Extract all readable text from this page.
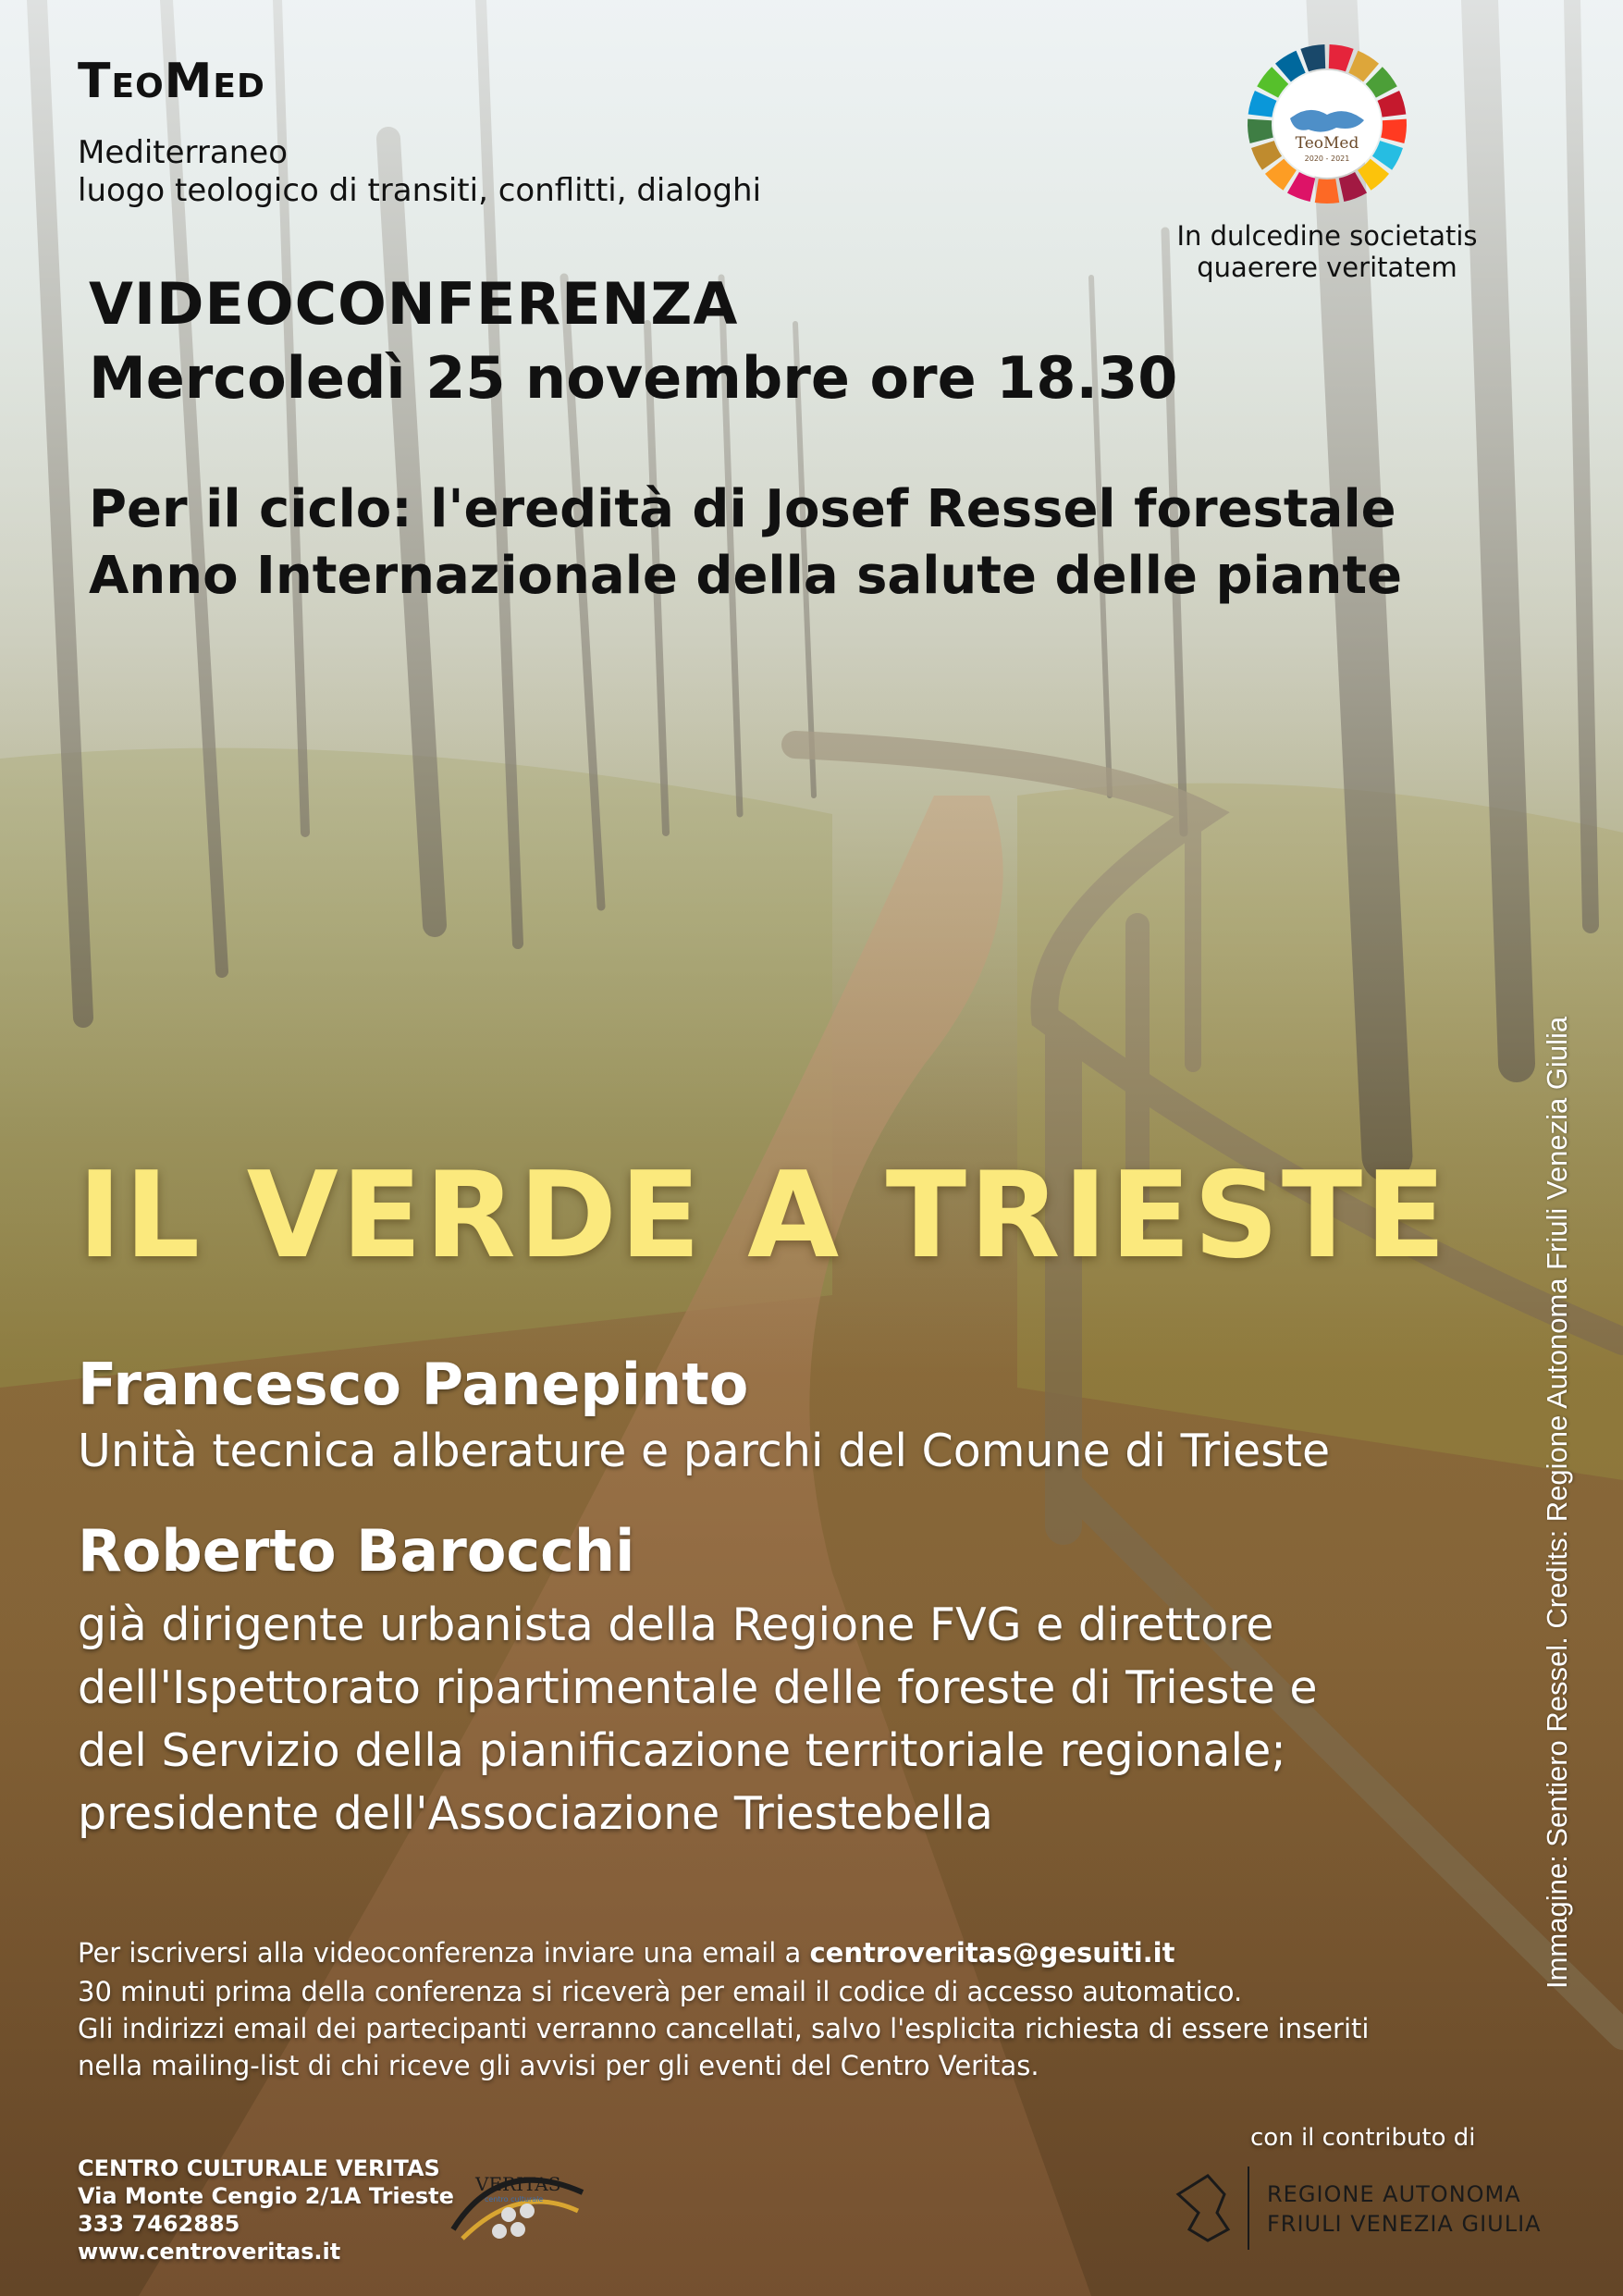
TeoMed
Mediterraneo
luogo teologico di transiti, conflitti, dialoghi
TeoMed
2020 - 2021
In dulcedine societatis
quaerere veritatem
VIDEOCONFERENZA
Mercoledì 25 novembre ore 18.30
Per il ciclo: l'eredità di Josef Ressel forestale
Anno Internazionale della salute delle piante
IL VERDE A TRIESTE
Francesco Panepinto
Unità tecnica alberature e parchi del Comune di Trieste
Roberto Barocchi
già dirigente urbanista della Regione FVG e direttore
dell'Ispettorato ripartimentale delle foreste di Trieste e
del Servizio della pianificazione territoriale regionale;
presidente dell'Associazione Triestebella
Per iscriversi alla videoconferenza inviare una email a centroveritas@gesuiti.it
30 minuti prima della conferenza si riceverà per email il codice di accesso automatico.
Gli indirizzi email dei partecipanti verranno cancellati, salvo l'esplicita richiesta di essere inseriti
nella mailing-list di chi riceve gli avvisi per gli eventi del Centro Veritas.
Immagine: Sentiero Ressel. Credits: Regione Autonoma Friuli Venezia Giulia
CENTRO CULTURALE VERITAS
Via Monte Cengio 2/1A Trieste
333 7462885
www.centroveritas.it
VERITAS
centro culturale
con il contributo di
REGIONE AUTONOMA
FRIULI VENEZIA GIULIA
